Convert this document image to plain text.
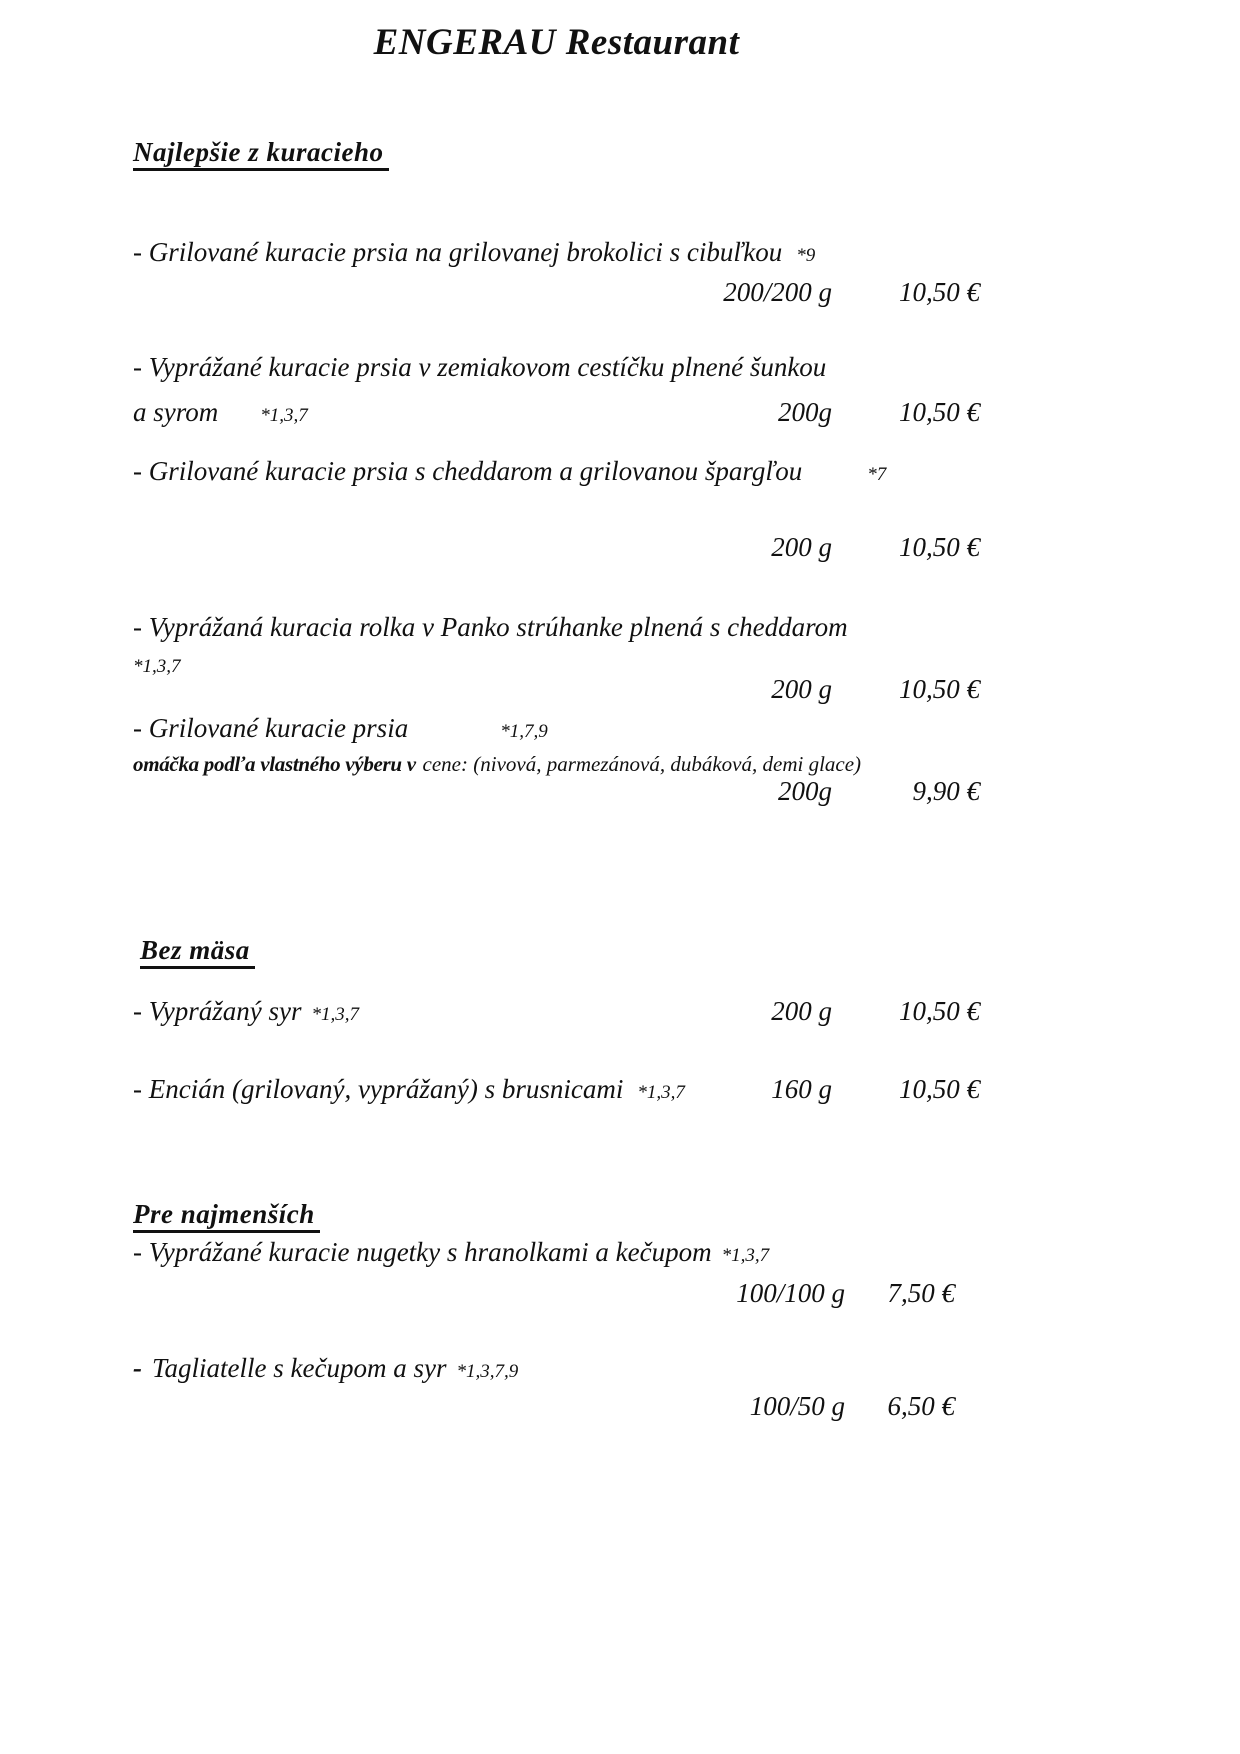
ENGERAU Restaurant
Najlepšie z kuracieho
- Grilované kuracie prsia na grilovanej brokolici s cibuľkou *9
200/200 g 10,50 €
- Vyprážané kuracie prsia v zemiakovom cestíčku plnené šunkou
a syrom *1,3,7	200g 10,50 €
- Grilované kuracie prsia s cheddarom a grilovanou špargľou	*7
200 g 10,50 €
- Vyprážaná kuracia rolka v Panko strúhanke plnená s cheddarom
*1,3,7
200 g 10,50 €
- Grilované kuracie prsia	*1,7,9
omáčka podľa vlastného výberu v cene: (nivová, parmezánová, dubáková, demi glace)
200g	9,90 €
Bez mäsa
- Vyprážaný syr *1,3,7	200 g 10,50 €
- Encián (grilovaný, vyprážaný) s brusnicami *1,3,7	160 g 10,50 €
Pre najmenších
- Vyprážané kuracie nugetky s hranolkami a kečupom *1,3,7
100/100 g 7,50 €
- Tagliatelle s kečupom a syr *1,3,7,9
100/50 g 6,50 €
